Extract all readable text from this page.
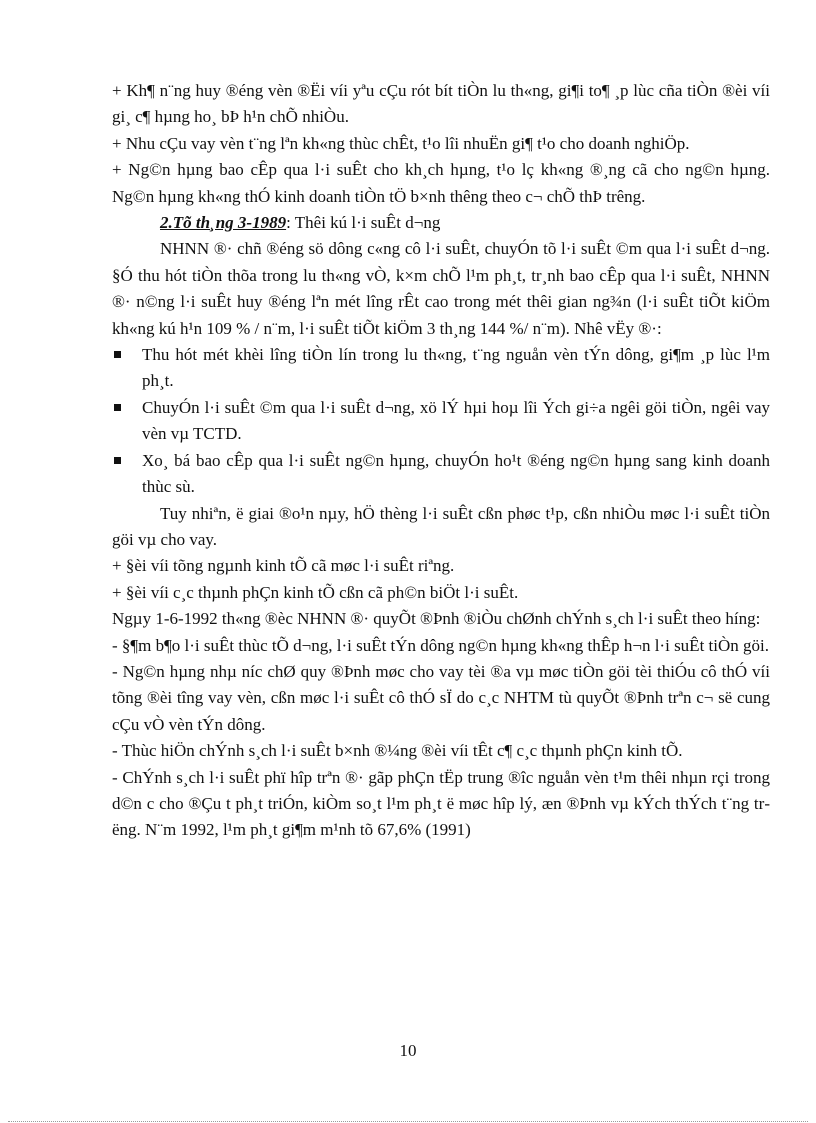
+ Kh¶ n¨ng huy ®éng vèn ®Ëi víi yªu cÇu rót bít tiÒn lu th«ng, gi¶i to¶ ¸p lùc cña tiÒn ®èi víi gi¸ c¶ hµng ho¸ bÞ h¹n chÕ nhiÒu.

+ Nhu cÇu vay vèn t¨ng lªn kh«ng thùc chÊt, t¹o lîi nhuËn gi¶ t¹o cho doanh nghiÖp.

+ Ng©n hµng bao cÊp qua l·i suÊt cho kh¸ch hµng, t¹o lç kh«ng ®¸ng cã cho ng©n hµng. Ng©n hµng kh«ng thÓ kinh doanh tiÒn tÖ b×nh thêng theo c¬ chÕ thÞ trêng.

2.Tõ th¸ng 3-1989: Thêi kú l·i suÊt d¬ng

NHNN ®· chñ ®éng sö dông c«ng cô l·i suÊt, chuyÓn tõ l·i suÊt ©m qua l·i suÊt d¬ng. §Ó thu hót tiÒn thõa trong lu th«ng vÒ, k×m chÕ l¹m ph¸t, tr¸nh bao cÊp qua l·i suÊt, NHNN ®· n©ng l·i suÊt huy ®éng lªn mét lîng rÊt cao trong mét thêi gian ng¾n (l·i suÊt tiÕt kiÖm kh«ng kú h¹n 109 % / n¨m, l·i suÊt tiÕt kiÖm 3 th¸ng 144 %/ n¨m). Nhê vËy ®·:

Thu hót mét khèi lîng tiÒn lín trong lu th«ng, t¨ng nguån vèn tÝn dông, gi¶m ¸p lùc l¹m ph¸t.

ChuyÓn l·i suÊt ©m qua l·i suÊt d¬ng, xö lÝ hµi hoµ lîi Ých gi÷a ngêi göi tiÒn, ngêi vay vèn vµ TCTD.

Xo¸ bá bao cÊp qua l·i suÊt ng©n hµng, chuyÓn ho¹t ®éng ng©n hµng sang kinh doanh thùc sù.

Tuy nhiªn, ë giai ®o¹n nµy, hÖ thèng l·i suÊt cßn phøc t¹p, cßn nhiÒu møc l·i suÊt tiÒn göi vµ cho vay.

+ §èi víi tõng ngµnh kinh tÕ cã møc l·i suÊt riªng.

+ §èi víi c¸c thµnh phÇn kinh tÕ cßn cã ph©n biÖt l·i suÊt.

Ngµy 1-6-1992 th«ng ®èc NHNN ®· quyÕt ®Þnh ®iÒu chØnh chÝnh s¸ch l·i suÊt theo híng:

- §¶m b¶o l·i suÊt thùc tÕ d¬ng, l·i suÊt tÝn dông ng©n hµng kh«ng thÊp h¬n l·i suÊt tiÒn göi.

- Ng©n hµng nhµ níc chØ quy ®Þnh møc cho vay tèi ®a vµ møc tiÒn göi tèi thiÓu cô thÓ víi tõng ®èi tîng vay vèn, cßn møc l·i suÊt cô thÓ sÏ do c¸c NHTM tù quyÕt ®Þnh trªn c¬ së cung cÇu vÒ vèn tÝn dông.

- Thùc hiÖn chÝnh s¸ch l·i suÊt b×nh ®¼ng ®èi víi tÊt c¶ c¸c thµnh phÇn kinh tÕ.

- ChÝnh s¸ch l·i suÊt phï hîp trªn ®· gãp phÇn tËp trung ®îc nguån vèn t¹m thêi nhµn rçi trong d©n c cho ®Çu t ph¸t triÓn, kiÒm so¸t l¹m ph¸t ë møc hîp lý, æn ®Þnh vµ kÝch thÝch t¨ng trëng. N¨m 1992, l¹m ph¸t gi¶m m¹nh tõ 67,6% (1991)

10
